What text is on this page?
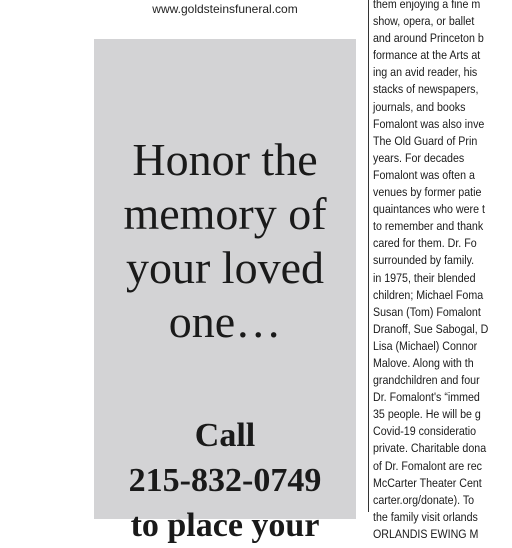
www.goldsteinsfuneral.com
Honor the
memory of
your loved
one…
Call
215-832-0749
to place your
them enjoying a fine m
show, opera, or ballet
and around Princeton b
formance at the Arts at
ing an avid reader, his
stacks of newspapers,
journals, and books
Fomalont was also inve
The Old Guard of Prin
years. For decades
Fomalont was often a
venues by former patie
quaintances who were t
to remember and thank
cared for them. Dr. Fo
surrounded by family.
in 1975, their blended
children; Michael Foma
Susan (Tom) Fomalont
Dranoff, Sue Sabogal, D
Lisa (Michael) Connor
Malove. Along with th
grandchildren and four
Dr. Fomalont's “immed
35 people. He will be g
Covid-19 consideratio
private. Charitable dona
of Dr. Fomalont are rec
McCarter Theater Cent
carter.org/donate). To
the family visit orlands
ORLANDIS EWING M
